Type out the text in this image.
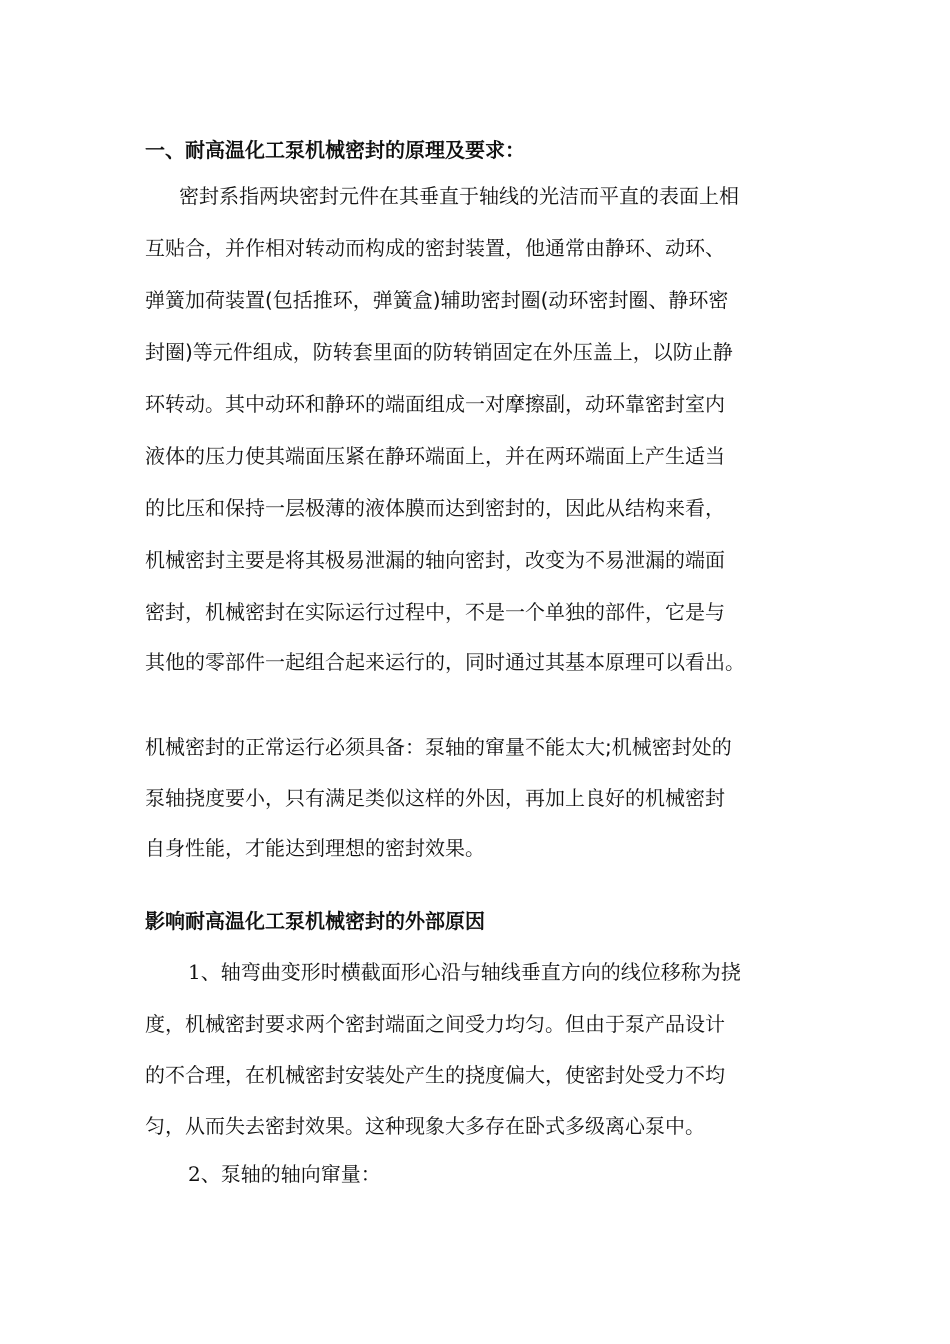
一、耐高温化工泵机械密封的原理及要求：
密封系指两块密封元件在其垂直于轴线的光洁而平直的表面上相
互贴合，并作相对转动而构成的密封装置，他通常由静环、动环、
弹簧加荷装置(包括推环，弹簧盒)辅助密封圈(动环密封圈、静环密
封圈)等元件组成，防转套里面的防转销固定在外压盖上，以防止静
环转动。其中动环和静环的端面组成一对摩擦副，动环靠密封室内
液体的压力使其端面压紧在静环端面上，并在两环端面上产生适当
的比压和保持一层极薄的液体膜而达到密封的，因此从结构来看，
机械密封主要是将其极易泄漏的轴向密封，改变为不易泄漏的端面
密封，机械密封在实际运行过程中，不是一个单独的部件，它是与
其他的零部件一起组合起来运行的，同时通过其基本原理可以看出。
机械密封的正常运行必须具备：泵轴的窜量不能太大;机械密封处的
泵轴挠度要小，只有满足类似这样的外因，再加上良好的机械密封
自身性能，才能达到理想的密封效果。
影响耐高温化工泵机械密封的外部原因
1、轴弯曲变形时横截面形心沿与轴线垂直方向的线位移称为挠
度，机械密封要求两个密封端面之间受力均匀。但由于泵产品设计
的不合理，在机械密封安装处产生的挠度偏大，使密封处受力不均
匀，从而失去密封效果。这种现象大多存在卧式多级离心泵中。
2、泵轴的轴向窜量：
